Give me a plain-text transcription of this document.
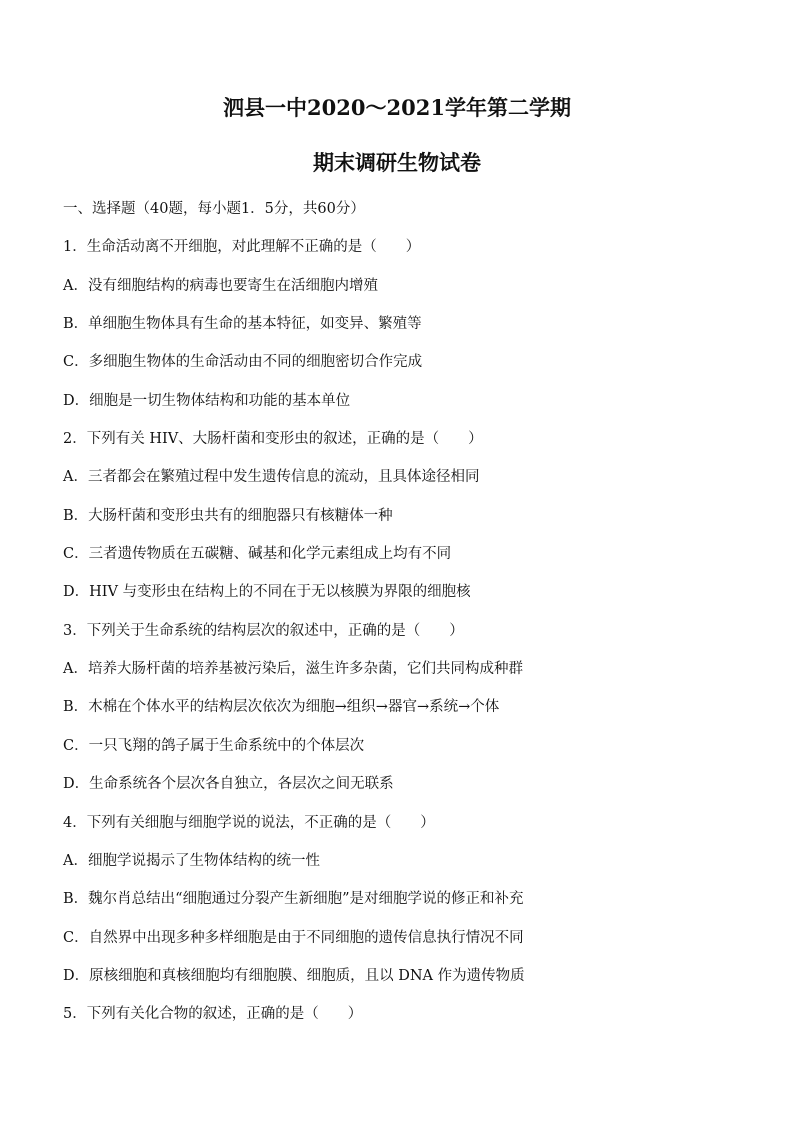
泗县一中2020～2021学年第二学期
期末调研生物试卷
一、选择题（40题，每小题1．5分，共60分）
1．生命活动离不开细胞，对此理解不正确的是（　　）
A．没有细胞结构的病毒也要寄生在活细胞内增殖
B．单细胞生物体具有生命的基本特征，如变异、繁殖等
C．多细胞生物体的生命活动由不同的细胞密切合作完成
D．细胞是一切生物体结构和功能的基本单位
2．下列有关 HIV、大肠杆菌和变形虫的叙述，正确的是（　　）
A．三者都会在繁殖过程中发生遗传信息的流动，且具体途径相同
B．大肠杆菌和变形虫共有的细胞器只有核糖体一种
C．三者遗传物质在五碳糖、碱基和化学元素组成上均有不同
D．HIV 与变形虫在结构上的不同在于无以核膜为界限的细胞核
3．下列关于生命系统的结构层次的叙述中，正确的是（　　）
A．培养大肠杆菌的培养基被污染后，滋生许多杂菌，它们共同构成种群
B．木棉在个体水平的结构层次依次为细胞→组织→器官→系统→个体
C．一只飞翔的鸽子属于生命系统中的个体层次
D．生命系统各个层次各自独立，各层次之间无联系
4．下列有关细胞与细胞学说的说法，不正确的是（　　）
A．细胞学说揭示了生物体结构的统一性
B．魏尔肖总结出“细胞通过分裂产生新细胞”是对细胞学说的修正和补充
C．自然界中出现多种多样细胞是由于不同细胞的遗传信息执行情况不同
D．原核细胞和真核细胞均有细胞膜、细胞质，且以 DNA 作为遗传物质
5．下列有关化合物的叙述，正确的是（　　）
